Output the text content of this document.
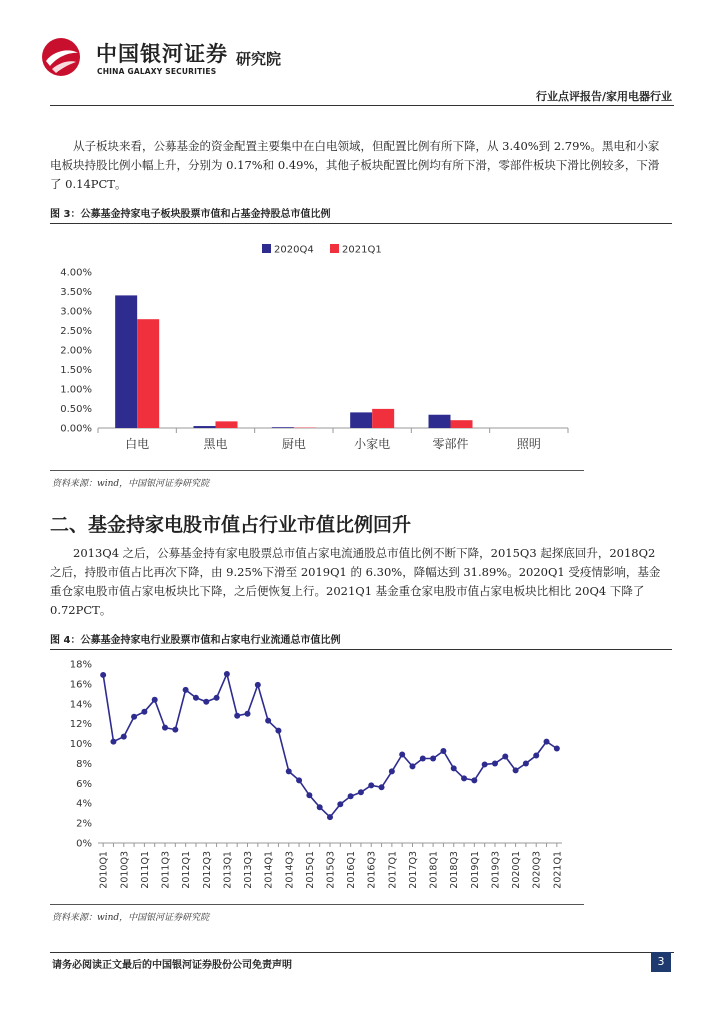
中国银河证券
CHINA GALAXY SECURITIES
研究院
行业点评报告/家用电器行业

从子板块来看，公募基金的资金配置主要集中在白电领域，但配置比例有所下降，从 3.40%到 2.79%。黑电和小家电板块持股比例小幅上升，分别为 0.17%和 0.49%，其他子板块配置比例均有所下滑，零部件板块下滑比例较多，下滑了 0.14PCT。

图 3：公募基金持家电子板块股票市值和占基金持股总市值比例
2020Q4	2021Q1
0.00%
0.50%
1.00%
1.50%
2.00%
2.50%
3.00%
3.50%
4.00%
白电	黑电	厨电	小家电	零部件	照明
资料来源：wind，中国银河证券研究院
二、基金持家电股市值占行业市值比例回升

2013Q4 之后，公募基金持有家电股票总市值占家电流通股总市值比例不断下降，2015Q3 起探底回升，2018Q2 之后，持股市值占比再次下降，由 9.25%下滑至 2019Q1 的 6.30%，降幅达到 31.89%。2020Q1 受疫情影响，基金重仓家电股市值占家电板块比下降，之后便恢复上行。2021Q1 基金重仓家电股市值占家电板块比相比 20Q4 下降了 0.72PCT。

图 4：公募基金持家电行业股票市值和占家电行业流通总市值比例
0%
2%
4%
6%
8%
10%
12%
14%
16%
18%
2010Q1 2010Q3 2011Q1 2011Q3 2012Q1 2012Q3 2013Q1 2013Q3 2014Q1 2014Q3 2015Q1 2015Q3 2016Q1 2016Q3 2017Q1 2017Q3 2018Q1 2018Q3 2019Q1 2019Q3 2020Q1 2020Q3 2021Q1
资料来源：wind，中国银河证券研究院
请务必阅读正文最后的中国银河证券股份公司免责声明	3
